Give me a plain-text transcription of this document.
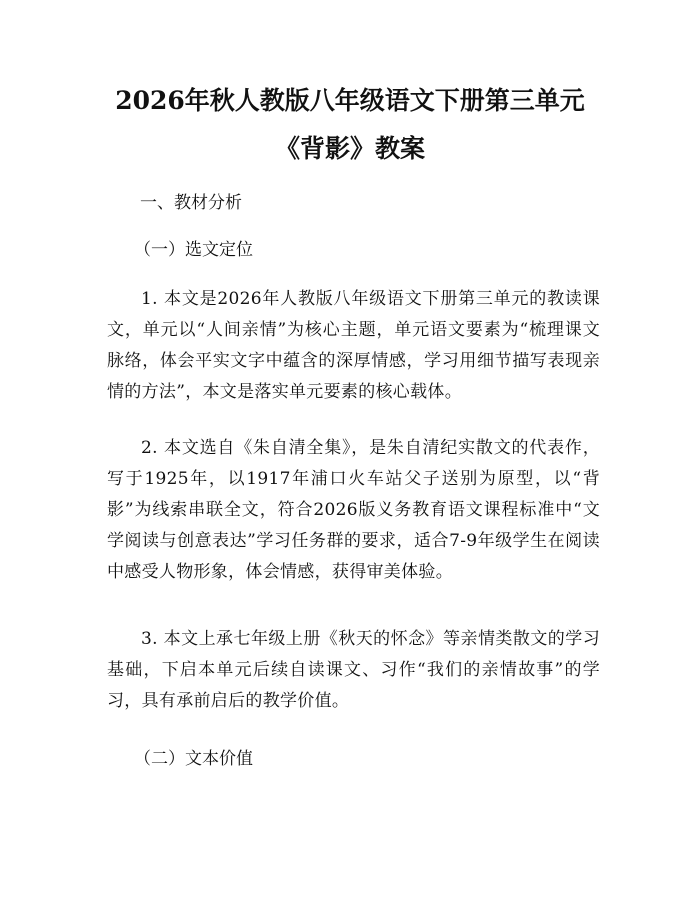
2026年秋人教版八年级语文下册第三单元
《背影》教案
一、教材分析
（一）选文定位
1. 本文是2026年人教版八年级语文下册第三单元的教读课文，单元以“人间亲情”为核心主题，单元语文要素为“梳理课文脉络，体会平实文字中蕴含的深厚情感，学习用细节描写表现亲情的方法”，本文是落实单元要素的核心载体。
2. 本文选自《朱自清全集》，是朱自清纪实散文的代表作，写于1925年，以1917年浦口火车站父子送别为原型，以“背影”为线索串联全文，符合2026版义务教育语文课程标准中“文学阅读与创意表达”学习任务群的要求，适合7-9年级学生在阅读中感受人物形象，体会情感，获得审美体验。
3. 本文上承七年级上册《秋天的怀念》等亲情类散文的学习基础，下启本单元后续自读课文、习作“我们的亲情故事”的学习，具有承前启后的教学价值。
（二）文本价值
